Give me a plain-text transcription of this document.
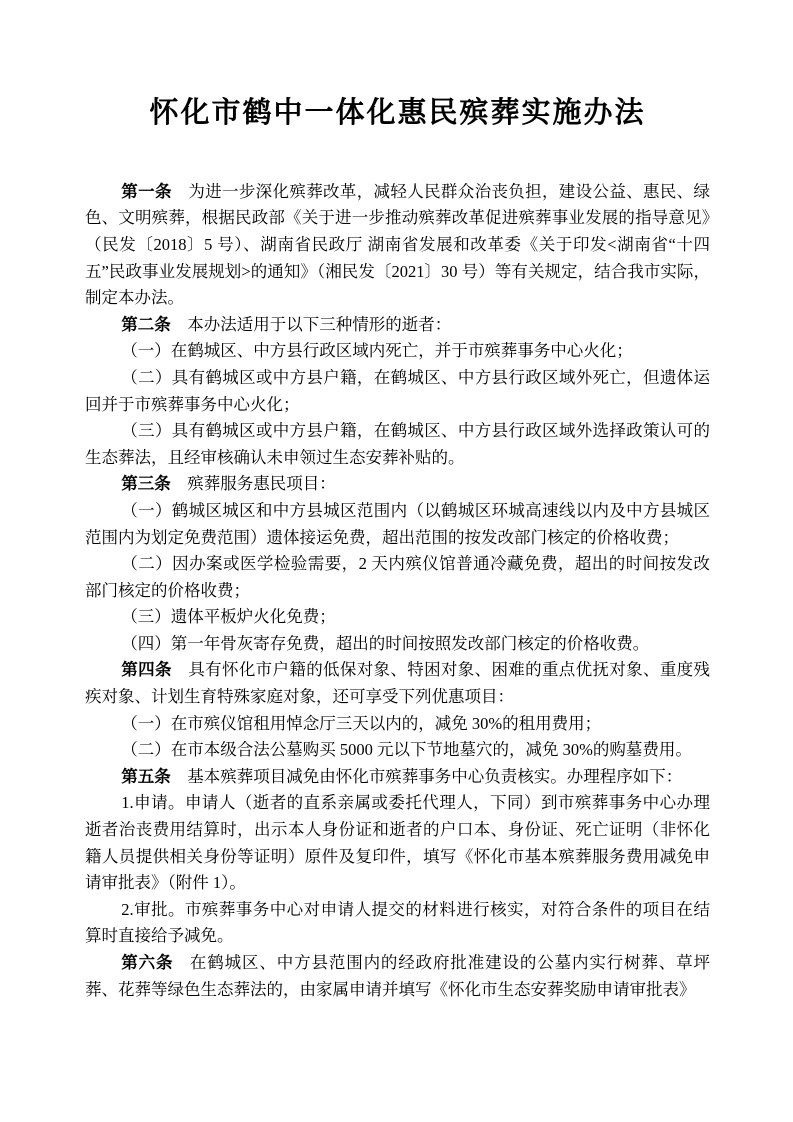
怀化市鹤中一体化惠民殡葬实施办法

第一条 为进一步深化殡葬改革，减轻人民群众治丧负担，建设公益、惠民、绿色、文明殡葬，根据民政部《关于进一步推动殡葬改革促进殡葬事业发展的指导意见》（民发〔2018〕5 号）、湖南省民政厅 湖南省发展和改革委《关于印发<湖南省“十四五”民政事业发展规划>的通知》（湘民发〔2021〕30 号）等有关规定，结合我市实际，制定本办法。

第二条 本办法适用于以下三种情形的逝者：

（一）在鹤城区、中方县行政区域内死亡，并于市殡葬事务中心火化；

（二）具有鹤城区或中方县户籍，在鹤城区、中方县行政区域外死亡，但遗体运回并于市殡葬事务中心火化；

（三）具有鹤城区或中方县户籍，在鹤城区、中方县行政区域外选择政策认可的生态葬法，且经审核确认未申领过生态安葬补贴的。

第三条 殡葬服务惠民项目：

（一）鹤城区城区和中方县城区范围内（以鹤城区环城高速线以内及中方县城区范围内为划定免费范围）遗体接运免费，超出范围的按发改部门核定的价格收费；

（二）因办案或医学检验需要，2 天内殡仪馆普通冷藏免费，超出的时间按发改部门核定的价格收费；

（三）遗体平板炉火化免费；

（四）第一年骨灰寄存免费，超出的时间按照发改部门核定的价格收费。

第四条 具有怀化市户籍的低保对象、特困对象、困难的重点优抚对象、重度残疾对象、计划生育特殊家庭对象，还可享受下列优惠项目：

（一）在市殡仪馆租用悼念厅三天以内的，减免 30%的租用费用；

（二）在市本级合法公墓购买 5000 元以下节地墓穴的，减免 30%的购墓费用。

第五条 基本殡葬项目减免由怀化市殡葬事务中心负责核实。办理程序如下：

1.申请。申请人（逝者的直系亲属或委托代理人，下同）到市殡葬事务中心办理逝者治丧费用结算时，出示本人身份证和逝者的户口本、身份证、死亡证明（非怀化籍人员提供相关身份等证明）原件及复印件，填写《怀化市基本殡葬服务费用减免申请审批表》（附件 1）。

2.审批。市殡葬事务中心对申请人提交的材料进行核实，对符合条件的项目在结算时直接给予减免。

第六条 在鹤城区、中方县范围内的经政府批准建设的公墓内实行树葬、草坪葬、花葬等绿色生态葬法的，由家属申请并填写《怀化市生态安葬奖励申请审批表》
